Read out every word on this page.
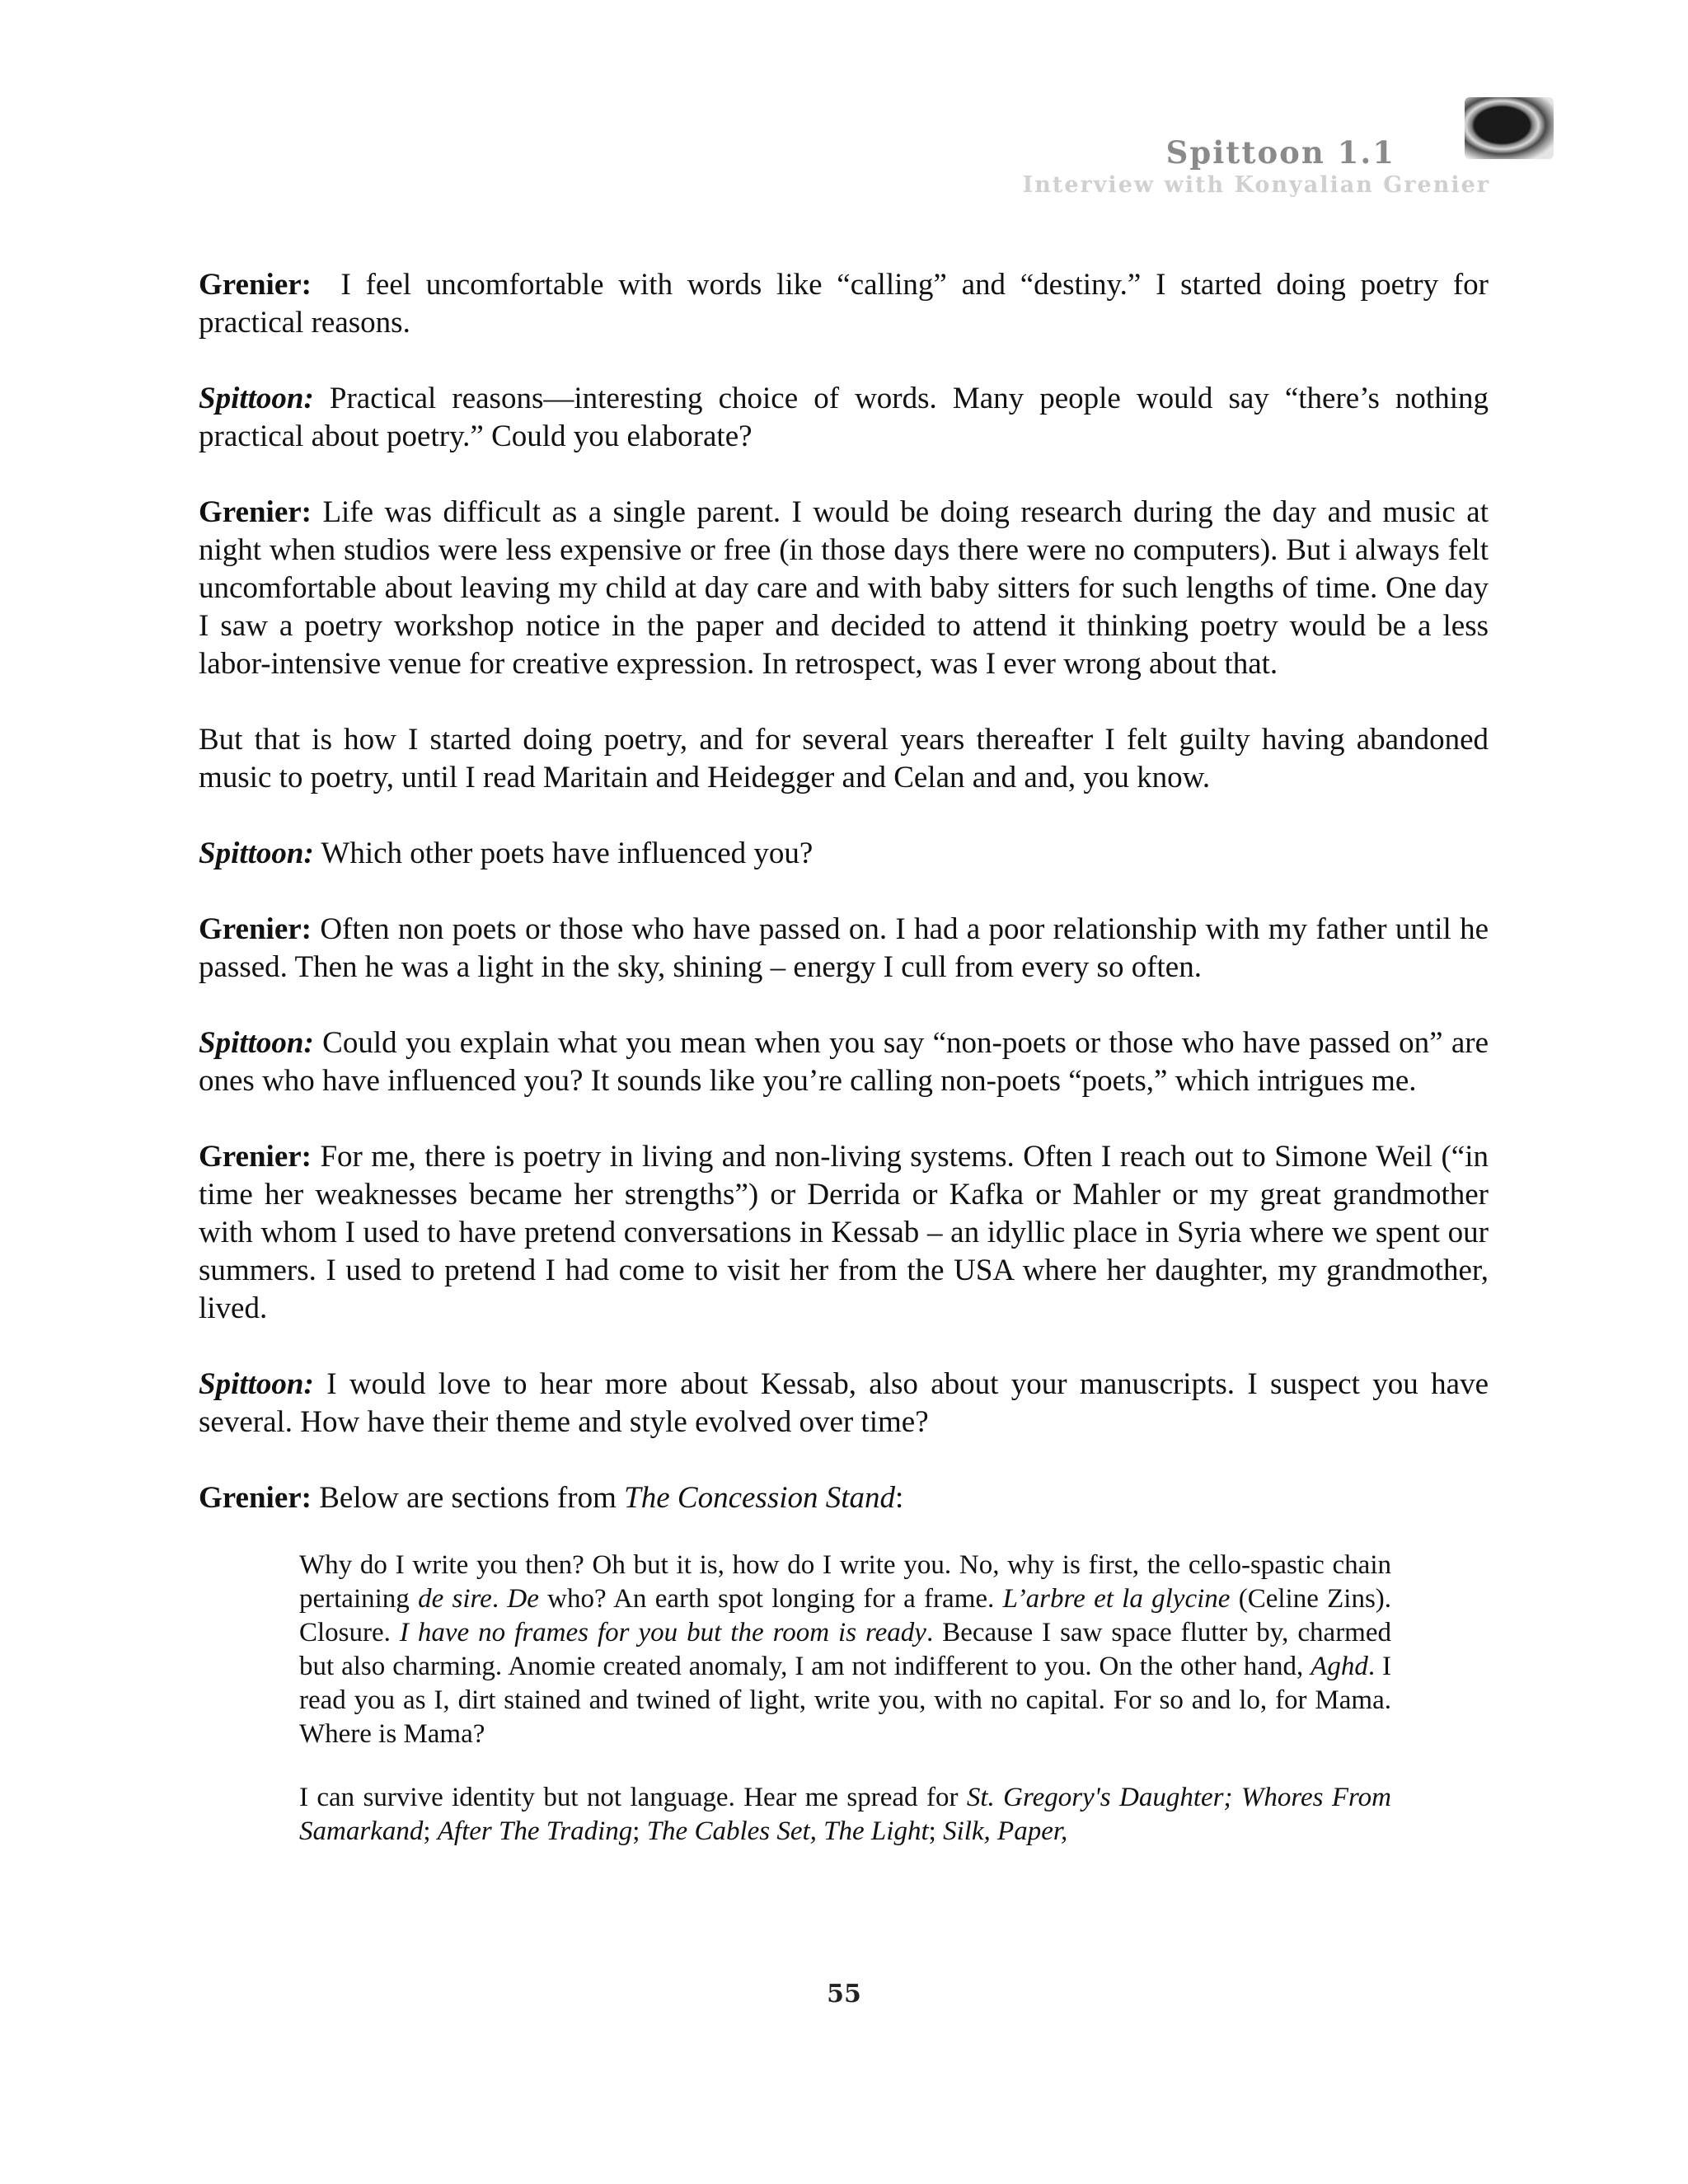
Spittoon 1.1
Interview with Konyalian Grenier

Grenier: I feel uncomfortable with words like “calling” and “destiny.” I started doing poetry for practical reasons.

Spittoon: Practical reasons—interesting choice of words. Many people would say “there’s nothing practical about poetry.” Could you elaborate?

Grenier: Life was difficult as a single parent. I would be doing research during the day and music at night when studios were less expensive or free (in those days there were no computers). But i always felt uncomfortable about leaving my child at day care and with baby sitters for such lengths of time. One day I saw a poetry workshop notice in the paper and decided to attend it thinking poetry would be a less labor-intensive venue for creative expression. In retrospect, was I ever wrong about that.

But that is how I started doing poetry, and for several years thereafter I felt guilty having abandoned music to poetry, until I read Maritain and Heidegger and Celan and and, you know.

Spittoon: Which other poets have influenced you?

Grenier: Often non poets or those who have passed on. I had a poor relationship with my father until he passed. Then he was a light in the sky, shining – energy I cull from every so often.

Spittoon: Could you explain what you mean when you say “non-poets or those who have passed on” are ones who have influenced you? It sounds like you’re calling non-poets “poets,” which intrigues me.

Grenier: For me, there is poetry in living and non-living systems. Often I reach out to Simone Weil (“in time her weaknesses became her strengths”) or Derrida or Kafka or Mahler or my great grandmother with whom I used to have pretend conversations in Kessab – an idyllic place in Syria where we spent our summers. I used to pretend I had come to visit her from the USA where her daughter, my grandmother, lived.

Spittoon: I would love to hear more about Kessab, also about your manuscripts. I suspect you have several. How have their theme and style evolved over time?

Grenier: Below are sections from The Concession Stand:

Why do I write you then? Oh but it is, how do I write you. No, why is first, the cello-spastic chain pertaining de sire. De who? An earth spot longing for a frame. L’arbre et la glycine (Celine Zins). Closure. I have no frames for you but the room is ready. Because I saw space flutter by, charmed but also charming. Anomie created anomaly, I am not indifferent to you. On the other hand, Aghd. I read you as I, dirt stained and twined of light, write you, with no capital. For so and lo, for Mama. Where is Mama?

I can survive identity but not language. Hear me spread for St. Gregory's Daughter; Whores From Samarkand; After The Trading; The Cables Set, The Light; Silk, Paper,

55
